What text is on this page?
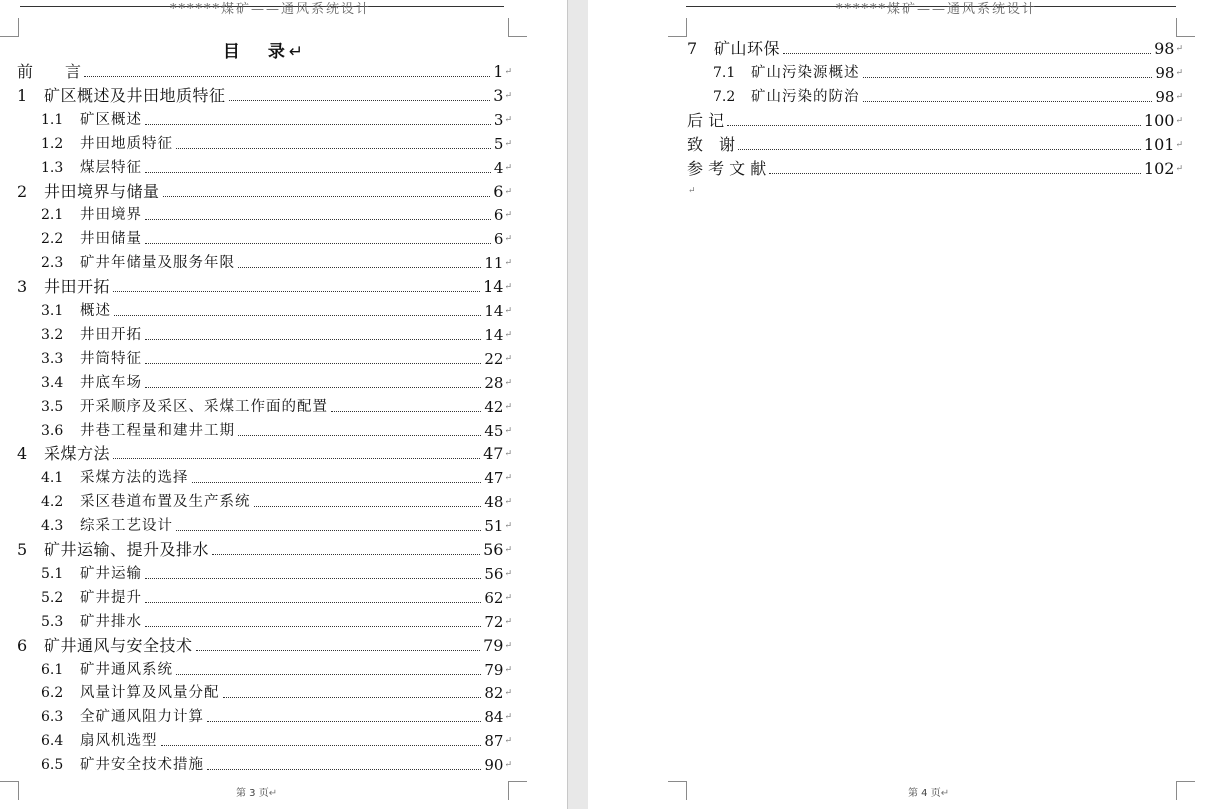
******煤矿——通风系统设计
目 录↵
前　　言	1 ↵
1	矿区概述及井田地质特征	3 ↵
1.1	矿区概述	3 ↵
1.2	井田地质特征	5 ↵
1.3	煤层特征	4 ↵
2	井田境界与储量	6 ↵
2.1	井田境界	6 ↵
2.2	井田储量	6 ↵
2.3	矿井年储量及服务年限	11 ↵
3	井田开拓	14 ↵
3.1	概述	14 ↵
3.2	井田开拓	14 ↵
3.3	井筒特征	22 ↵
3.4	井底车场	28 ↵
3.5	开采顺序及采区、采煤工作面的配置	42 ↵
3.6	井巷工程量和建井工期	45 ↵
4	采煤方法	47 ↵
4.1	采煤方法的选择	47 ↵
4.2	采区巷道布置及生产系统	48 ↵
4.3	综采工艺设计	51 ↵
5	矿井运输、提升及排水	56 ↵
5.1	矿井运输	56 ↵
5.2	矿井提升	62 ↵
5.3	矿井排水	72 ↵
6	矿井通风与安全技术	79 ↵
6.1	矿井通风系统	79 ↵
6.2	风量计算及风量分配	82 ↵
6.3	全矿通风阻力计算	84 ↵
6.4	扇风机选型	87 ↵
6.5	矿井安全技术措施	90 ↵
第 3 页↵
******煤矿——通风系统设计
7	矿山环保	98 ↵
7.1	矿山污染源概述	98 ↵
7.2	矿山污染的防治	98 ↵
后 记	100 ↵
致　谢	101 ↵
参 考 文 献	102 ↵
↵
第 4 页↵
